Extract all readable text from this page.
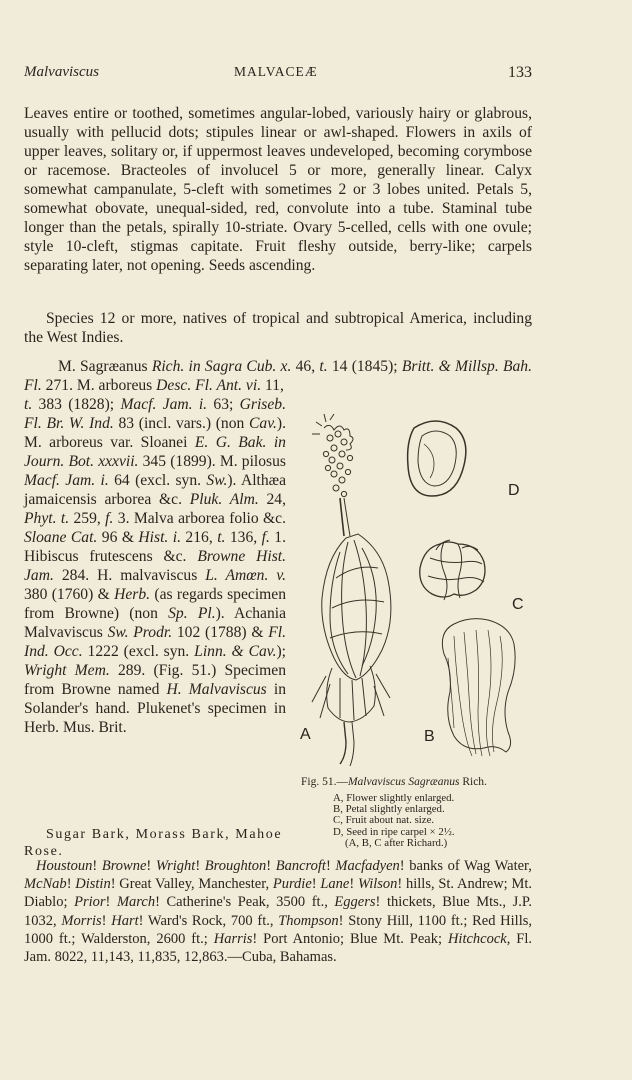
Malvaviscus	MALVACEÆ	133

Leaves entire or toothed, sometimes angular-lobed, variously hairy or glabrous, usually with pellucid dots; stipules linear or awl-shaped. Flowers in axils of upper leaves, solitary or, if uppermost leaves undeveloped, becoming corymbose or racemose. Bracteoles of involucel 5 or more, generally linear. Calyx somewhat campanulate, 5-cleft with sometimes 2 or 3 lobes united. Petals 5, somewhat obovate, unequal-sided, red, convolute into a tube. Staminal tube longer than the petals, spirally 10-striate. Ovary 5-celled, cells with one ovule; style 10-cleft, stigmas capitate. Fruit fleshy outside, berry-like; carpels separating later, not opening. Seeds ascending.

Species 12 or more, natives of tropical and subtropical America, including the West Indies.

M. Sagræanus Rich. in Sagra Cub. x. 46, t. 14 (1845); Britt. & Millsp. Bah. Fl. 271. M. arboreus Desc. Fl. Ant. vi. 11,

t. 383 (1828); Macf. Jam. i. 63; Griseb. Fl. Br. W. Ind. 83 (incl. vars.) (non Cav.). M. arboreus var. Sloanei E. G. Bak. in Journ. Bot. xxxvii. 345 (1899). M. pilosus Macf. Jam. i. 64 (excl. syn. Sw.). Althæa jamaicensis arborea &c. Pluk. Alm. 24, Phyt. t. 259, f. 3. Malva arborea folio &c. Sloane Cat. 96 & Hist. i. 216, t. 136, f. 1. Hibiscus frutescens &c. Browne Hist. Jam. 284. H. malvaviscus L. Amœn. v. 380 (1760) & Herb. (as regards specimen from Browne) (non Sp. Pl.). Achania Malvaviscus Sw. Prodr. 102 (1788) & Fl. Ind. Occ. 1222 (excl. syn. Linn. & Cav.); Wright Mem. 289. (Fig. 51.) Specimen from Browne named H. Malvaviscus in Solander's hand. Plukenet's specimen in Herb. Mus. Brit.

Sugar Bark, Morass Bark, Mahoe Rose.

Houstoun! Browne! Wright! Broughton! Bancroft! Macfadyen! banks of Wag Water, McNab! Distin! Great Valley, Manchester, Purdie! Lane! Wilson! hills, St. Andrew; Mt. Diablo; Prior! March! Catherine's Peak, 3500 ft., Eggers! thickets, Blue Mts., J.P. 1032, Morris! Hart! Ward's Rock, 700 ft., Thompson! Stony Hill, 1100 ft.; Red Hills, 1000 ft.; Walderston, 2600 ft.; Harris! Port Antonio; Blue Mt. Peak; Hitchcock, Fl. Jam. 8022, 11,143, 11,835, 12,863.—Cuba, Bahamas.

A	B
C
D
Fig. 51.—Malvaviscus Sagræanus Rich.
A, Flower slightly enlarged.
B, Petal slightly enlarged.
C, Fruit about nat. size.
D, Seed in ripe carpel × 2½.
(A, B, C after Richard.)
